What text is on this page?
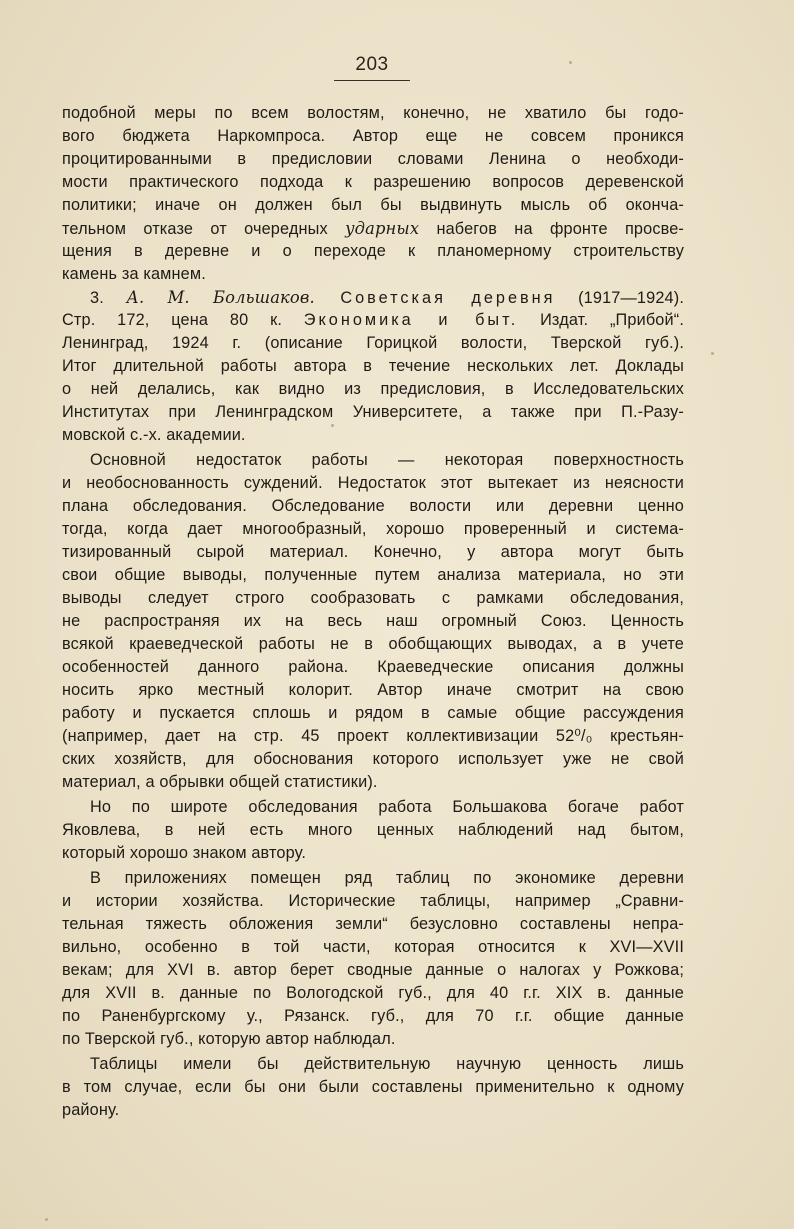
203
подобной меры по всем волостям, конечно, не хватило бы годо-
вого бюджета Наркомпроса. Автор еще не совсем проникся
процитированными в предисловии словами Ленина о необходи-
мости практического подхода к разрешению вопросов деревенской
политики; иначе он должен был бы выдвинуть мысль об оконча-
тельном отказе от очередных ударных набегов на фронте просве-
щения в деревне и о переходе к планомерному строительству
камень за камнем.
3. А. М. Большаков. Советская деревня (1917—1924).
Стр. 172, цена 80 к. Экономика и быт. Издат. „Прибой“.
Ленинград, 1924 г. (описание Горицкой волости, Тверской губ.).
Итог длительной работы автора в течение нескольких лет. Доклады
о ней делались, как видно из предисловия, в Исследовательских
Институтах при Ленинградском Университете, а также при П.-Разу-
мовской с.-х. академии.
Основной недостаток работы — некоторая поверхностность
и необоснованность суждений. Недостаток этот вытекает из неясности
плана обследования. Обследование волости или деревни ценно
тогда, когда дает многообразный, хорошо проверенный и система-
тизированный сырой материал. Конечно, у автора могут быть
свои общие выводы, полученные путем анализа материала, но эти
выводы следует строго сообразовать с рамками обследования,
не распространяя их на весь наш огромный Союз. Ценность
всякой краеведческой работы не в обобщающих выводах, а в учете
особенностей данного района. Краеведческие описания должны
носить ярко местный колорит. Автор иначе смотрит на свою
работу и пускается сплошь и рядом в самые общие рассуждения
(например, дает на стр. 45 проект коллективизации 52⁰/₀ крестьян-
ских хозяйств, для обоснования которого использует уже не свой
материал, а обрывки общей статистики).
Но по широте обследования работа Большакова богаче работ
Яковлева, в ней есть много ценных наблюдений над бытом,
который хорошо знаком автору.
В приложениях помещен ряд таблиц по экономике деревни
и истории хозяйства. Исторические таблицы, например „Сравни-
тельная тяжесть обложения земли“ безусловно составлены непра-
вильно, особенно в той части, которая относится к XVI—XVII
векам; для XVI в. автор берет сводные данные о налогах у Рожкова;
для XVII в. данные по Вологодской губ., для 40 г.г. XIX в. данные
по Раненбургскому у., Рязанск. губ., для 70 г.г. общие данные
по Тверской губ., которую автор наблюдал.
Таблицы имели бы действительную научную ценность лишь
в том случае, если бы они были составлены применительно к одному
району.
